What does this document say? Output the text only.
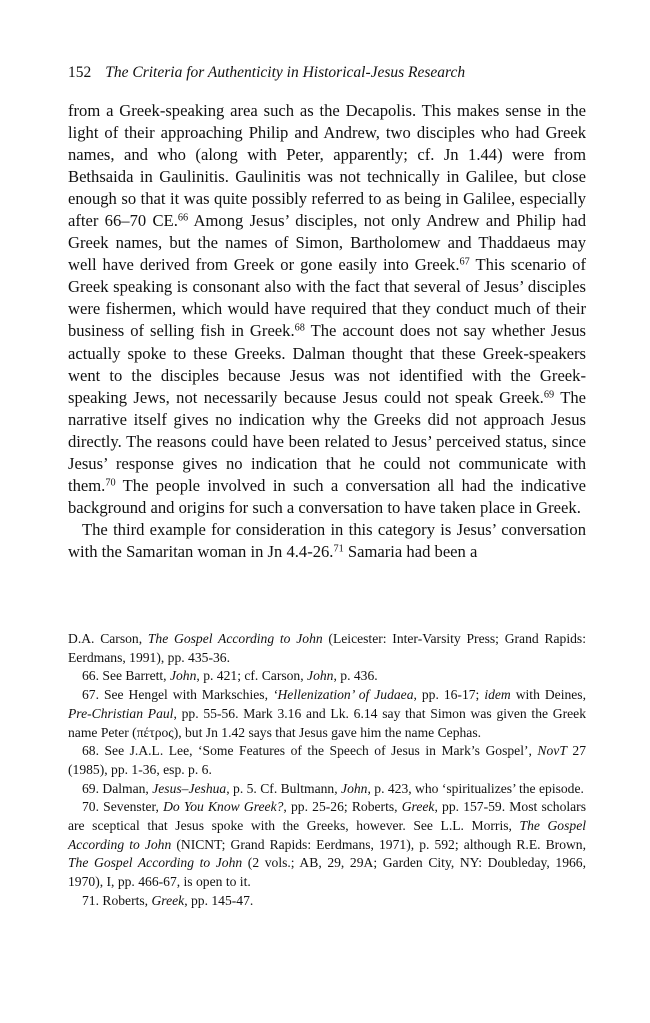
152 The Criteria for Authenticity in Historical-Jesus Research

from a Greek-speaking area such as the Decapolis. This makes sense in the light of their approaching Philip and Andrew, two disciples who had Greek names, and who (along with Peter, apparently; cf. Jn 1.44) were from Bethsaida in Gaulinitis. Gaulinitis was not technically in Galilee, but close enough so that it was quite possibly referred to as being in Galilee, especially after 66–70 CE.$^{66}$ Among Jesus’ disciples, not only Andrew and Philip had Greek names, but the names of Simon, Bartholomew and Thaddaeus may well have derived from Greek or gone easily into Greek.$^{67}$ This scenario of Greek speaking is consonant also with the fact that several of Jesus’ disciples were fishermen, which would have required that they conduct much of their business of selling fish in Greek.$^{68}$ The account does not say whether Jesus actually spoke to these Greeks. Dalman thought that these Greek-speakers went to the disciples because Jesus was not identified with the Greek-speaking Jews, not necessarily because Jesus could not speak Greek.$^{69}$ The narrative itself gives no indication why the Greeks did not approach Jesus directly. The reasons could have been related to Jesus’ perceived status, since Jesus’ response gives no indication that he could not communicate with them.$^{70}$ The people involved in such a conversation all had the indicative background and origins for such a conversation to have taken place in Greek.

The third example for consideration in this category is Jesus’ conversation with the Samaritan woman in Jn 4.4-26.71 Samaria had been a

D.A. Carson, The Gospel According to John (Leicester: Inter-Varsity Press; Grand Rapids: Eerdmans, 1991), pp. 435-36.

66. See Barrett, John, p. 421; cf. Carson, John, p. 436.

67. See Hengel with Markschies, ‘Hellenization’ of Judaea, pp. 16-17; idem with Deines, Pre-Christian Paul, pp. 55-56. Mark 3.16 and Lk. 6.14 say that Simon was given the Greek name Peter (πέτρος), but Jn 1.42 says that Jesus gave him the name Cephas.

68. See J.A.L. Lee, ‘Some Features of the Speech of Jesus in Mark’s Gospel’, NovT 27 (1985), pp. 1-36, esp. p. 6.

69. Dalman, Jesus–Jeshua, p. 5. Cf. Bultmann, John, p. 423, who ‘spiritualizes’ the episode.

70. Sevenster, Do You Know Greek?, pp. 25-26; Roberts, Greek, pp. 157-59. Most scholars are sceptical that Jesus spoke with the Greeks, however. See L.L. Morris, The Gospel According to John (NICNT; Grand Rapids: Eerdmans, 1971), p. 592; although R.E. Brown, The Gospel According to John (2 vols.; AB, 29, 29A; Garden City, NY: Doubleday, 1966, 1970), I, pp. 466-67, is open to it.

71. Roberts, Greek, pp. 145-47.
